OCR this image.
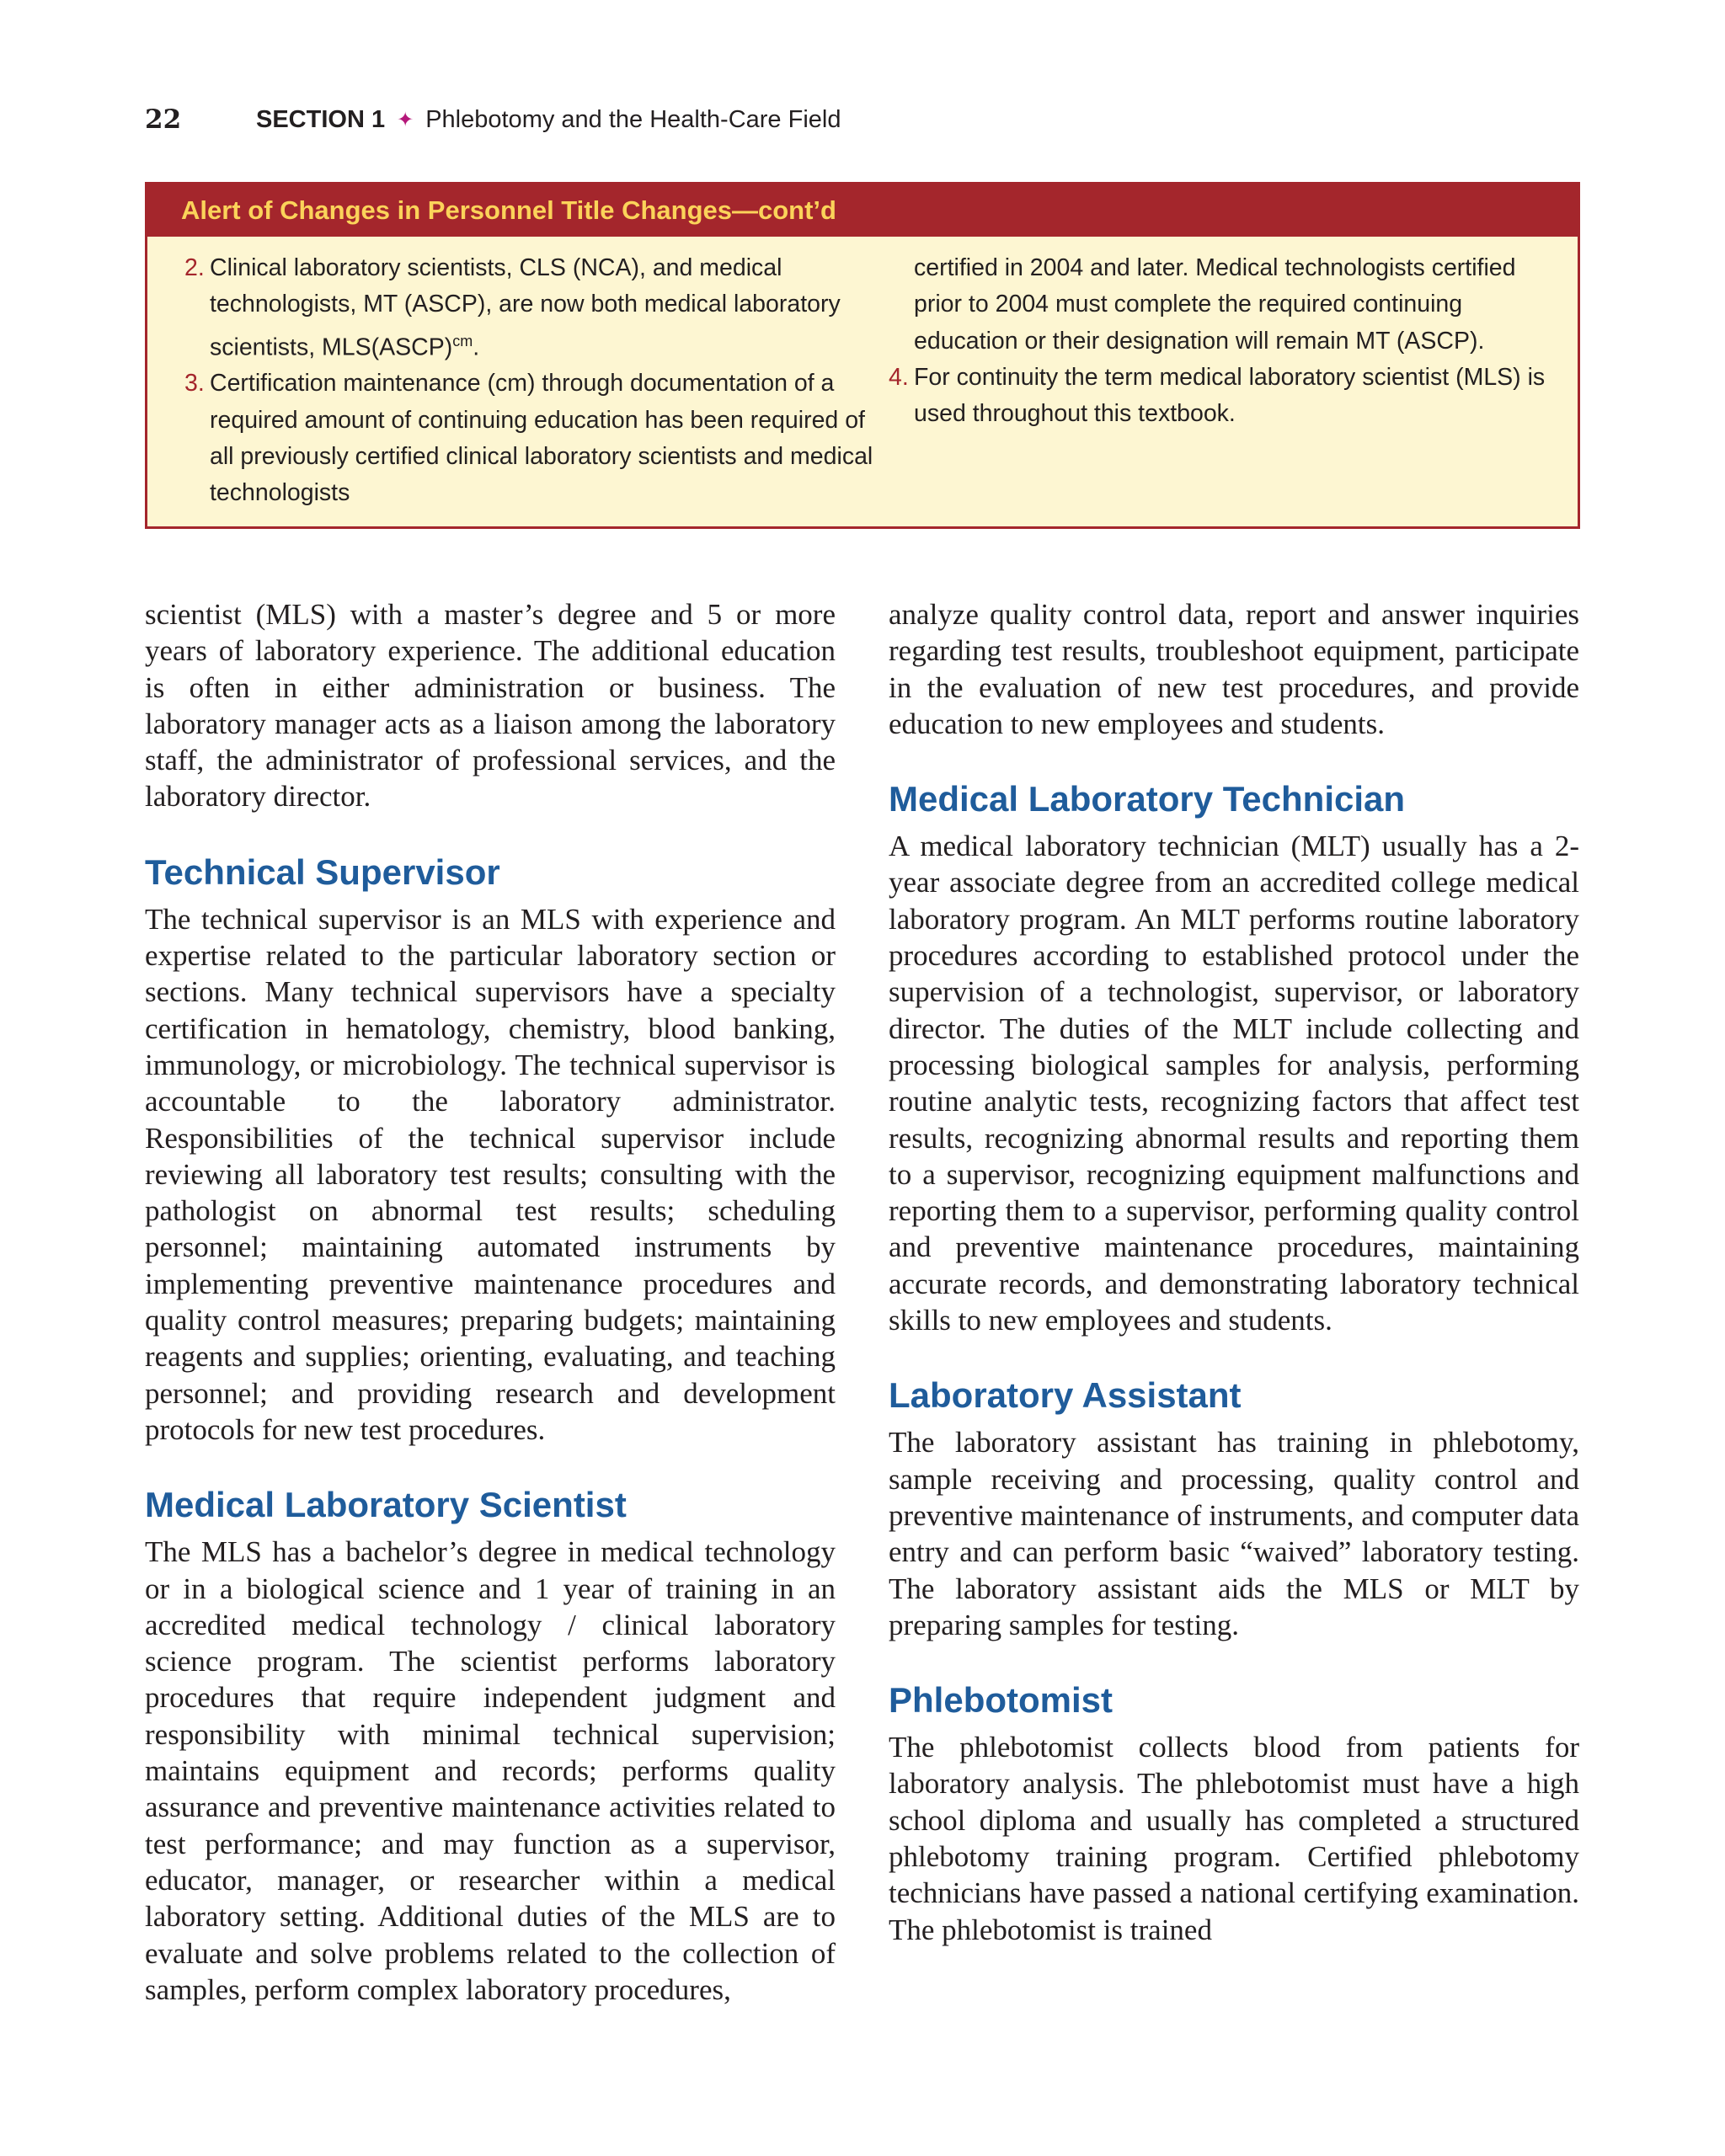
22	SECTION 1 ✦ Phlebotomy and the Health-Care Field
Alert of Changes in Personnel Title Changes—cont’d
2. Clinical laboratory scientists, CLS (NCA), and medical technologists, MT (ASCP), are now both medical laboratory scientists, MLS(ASCP)$^{cm}$.
3. Certification maintenance (cm) through documentation of a required amount of continuing education has been required of all previously certified clinical laboratory scientists and medical technologists
certified in 2004 and later. Medical technologists certified prior to 2004 must complete the required continuing education or their designation will remain MT (ASCP).
4. For continuity the term medical laboratory scientist (MLS) is used throughout this textbook.

scientist (MLS) with a master’s degree and 5 or more years of laboratory experience. The additional education is often in either administration or business. The laboratory manager acts as a liaison among the laboratory staff, the administrator of professional services, and the laboratory director.

Technical Supervisor

The technical supervisor is an MLS with experience and expertise related to the particular laboratory section or sections. Many technical supervisors have a specialty certification in hematology, chemistry, blood banking, immunology, or microbiology. The technical supervisor is accountable to the laboratory administrator. Responsibilities of the technical supervisor include reviewing all laboratory test results; consulting with the pathologist on abnormal test results; scheduling personnel; maintaining automated instruments by implementing preventive maintenance procedures and quality control measures; preparing budgets; maintaining reagents and supplies; orienting, evaluating, and teaching personnel; and providing research and development protocols for new test procedures.

Medical Laboratory Scientist

The MLS has a bachelor’s degree in medical technology or in a biological science and 1 year of training in an accredited medical technology / clinical laboratory science program. The scientist performs laboratory procedures that require independent judgment and responsibility with minimal technical supervision; maintains equipment and records; performs quality assurance and preventive maintenance activities related to test performance; and may function as a supervisor, educator, manager, or researcher within a medical laboratory setting. Additional duties of the MLS are to evaluate and solve problems related to the collection of samples, perform complex laboratory procedures,

analyze quality control data, report and answer inquiries regarding test results, troubleshoot equipment, participate in the evaluation of new test procedures, and provide education to new employees and students.

Medical Laboratory Technician

A medical laboratory technician (MLT) usually has a 2-year associate degree from an accredited college medical laboratory program. An MLT performs routine laboratory procedures according to established protocol under the supervision of a technologist, supervisor, or laboratory director. The duties of the MLT include collecting and processing biological samples for analysis, performing routine analytic tests, recognizing factors that affect test results, recognizing abnormal results and reporting them to a supervisor, recognizing equipment malfunctions and reporting them to a supervisor, performing quality control and preventive maintenance procedures, maintaining accurate records, and demonstrating laboratory technical skills to new employees and students.

Laboratory Assistant

The laboratory assistant has training in phlebotomy, sample receiving and processing, quality control and preventive maintenance of instruments, and computer data entry and can perform basic “waived” laboratory testing. The laboratory assistant aids the MLS or MLT by preparing samples for testing.

Phlebotomist

The phlebotomist collects blood from patients for laboratory analysis. The phlebotomist must have a high school diploma and usually has completed a structured phlebotomy training program. Certified phlebotomy technicians have passed a national certifying examination. The phlebotomist is trained
